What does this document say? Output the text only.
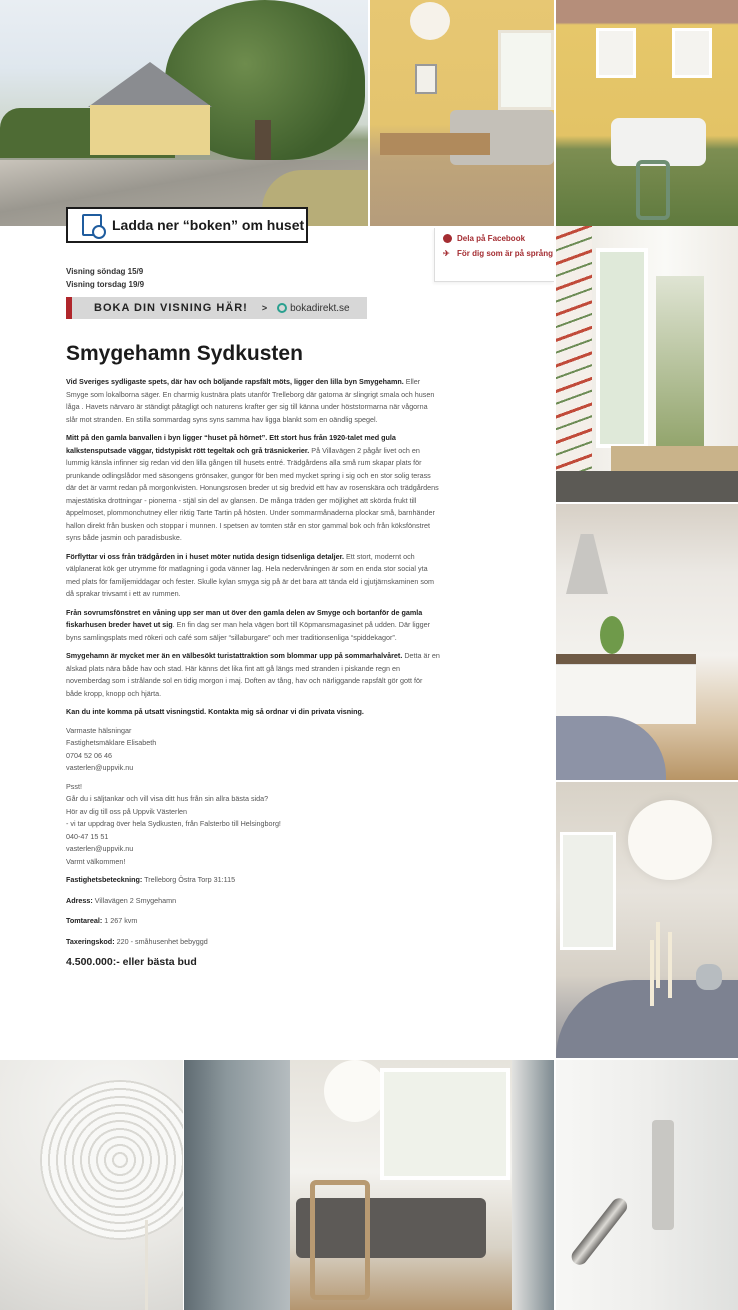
Ladda ner “boken” om huset
Dela på Facebook
✈ För dig som är på språng
Visning söndag 15/9
Visning torsdag 19/9
BOKA DIN VISNING HÄR! > bokadirekt.se
Smygehamn Sydkusten

Vid Sveriges sydligaste spets, där hav och böljande rapsfält möts, ligger den lilla byn Smygehamn. Eller Smyge som lokalborna säger. En charmig kustnära plats utanför Trelleborg där gatorna är slingrigt smala och husen låga . Havets närvaro är ständigt påtagligt och naturens krafter ger sig till känna under höststormarna när vågorna slår mot stranden. En stilla sommardag syns syns samma hav ligga blankt som en oändlig spegel.

Mitt på den gamla banvallen i byn ligger “huset på hörnet”. Ett stort hus från 1920-talet med gula kalkstensputsade väggar, tidstypiskt rött tegeltak och grå träsnickerier. På Villavägen 2 pågår livet och en lummig känsla infinner sig redan vid den lilla gången till husets entré. Trädgårdens alla små rum skapar plats för prunkande odlingslådor med säsongens grönsaker, gungor för ben med mycket spring i sig och en stor solig terass där det är varmt redan på morgonkvisten. Honungsrosen breder ut sig bredvid ett hav av rosenskära och trädgårdens majestätiska drottningar - pionerna - stjäl sin del av glansen. De många träden ger möjlighet att skörda frukt till äppelmoset, plommonchutney eller riktig Tarte Tartin på hösten. Under sommarmånaderna plockar små, barnhänder hallon direkt från busken och stoppar i munnen. I spetsen av tomten står en stor gammal bok och från köksfönstret syns både jasmin och paradisbuske.

Förflyttar vi oss från trädgården in i huset möter nutida design tidsenliga detaljer. Ett stort, modernt och välplanerat kök ger utrymme för matlagning i goda vänner lag. Hela nedervåningen är som en enda stor social yta med plats för familjemiddagar och fester. Skulle kylan smyga sig på är det bara att tända eld i gjutjärnskaminen som då sprakar trivsamt i ett av rummen.

Från sovrumsfönstret en våning upp ser man ut över den gamla delen av Smyge och bortanför de gamla fiskarhusen breder havet ut sig. En fin dag ser man hela vägen bort till Köpmansmagasinet på udden. Där ligger byns samlingsplats med rökeri och café som säljer “sillaburgare” och mer traditionsenliga “spiddekagor”.

Smygehamn är mycket mer än en välbesökt turistattraktion som blommar upp på sommarhalvåret. Detta är en älskad plats nära både hav och stad. Här känns det lika fint att gå längs med stranden i piskande regn en novemberdag som i strålande sol en tidig morgon i maj. Doften av tång, hav och närliggande rapsfält gör gott för både kropp, knopp och hjärta.

Kan du inte komma på utsatt visningstid. Kontakta mig så ordnar vi din privata visning.

Varmaste hälsningar
Fastighetsmäklare Elisabeth
0704 52 06 46
vasterlen@uppvik.nu

Psst!
Går du i säljtankar och vill visa ditt hus från sin allra bästa sida?
Hör av dig till oss på Uppvik Västerlen
- vi tar uppdrag över hela Sydkusten, från Falsterbo till Helsingborg!
040-47 15 51
vasterlen@uppvik.nu
Varmt välkommen!

Fastighetsbeteckning: Trelleborg Östra Torp 31:115
Adress: Villavägen 2 Smygehamn
Tomtareal: 1 267 kvm
Taxeringskod: 220 - småhusenhet bebyggd
4.500.000:- eller bästa bud
